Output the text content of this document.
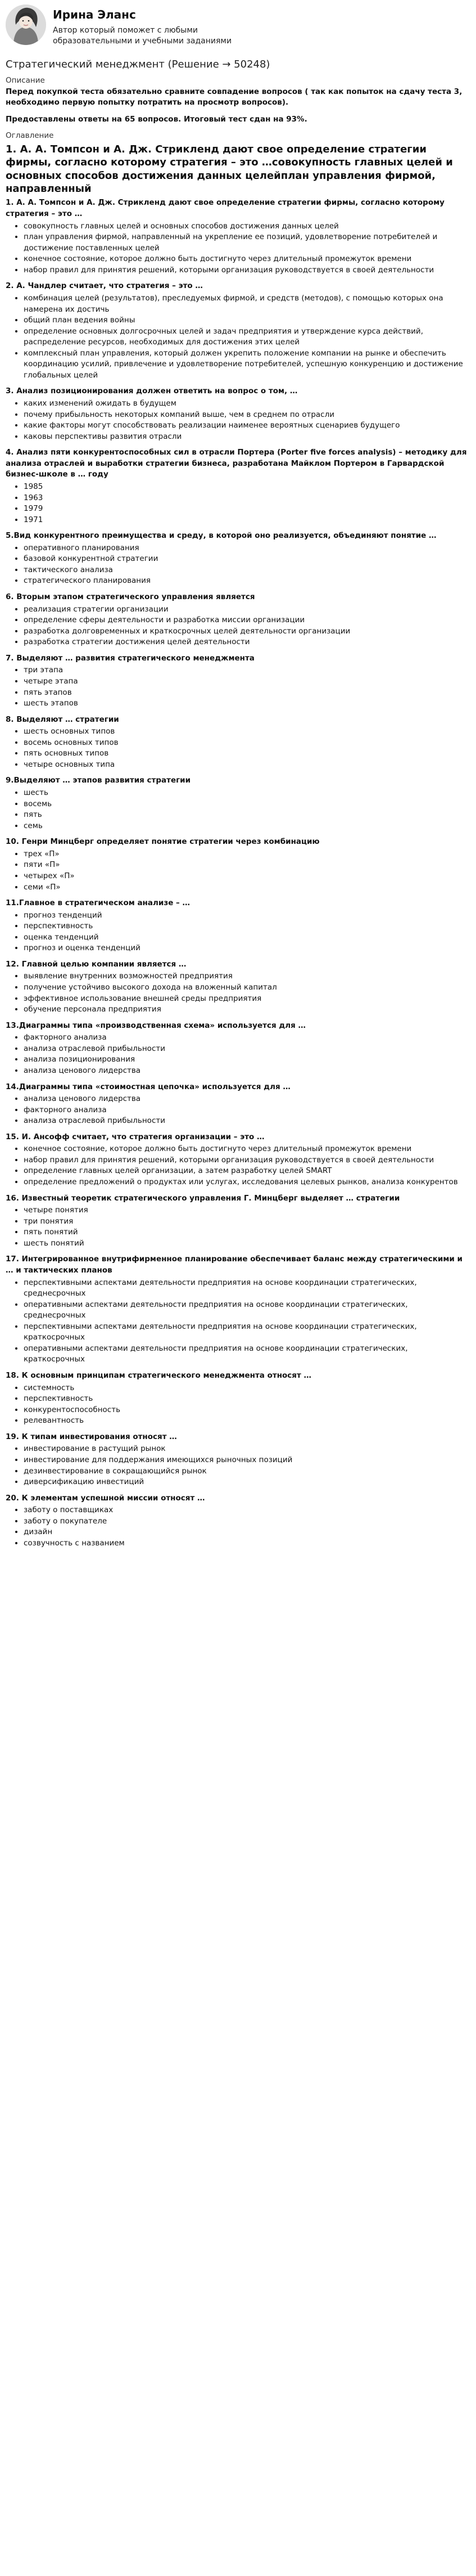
Ирина Эланс
Автор который поможет с любыми образовательными и учебными заданиями
Стратегический менеджмент (Решение → 50248)
Описание

Перед покупкой теста обязательно сравните совпадение вопросов ( так как попыток на сдачу теста 3, необходимо первую попытку потратить на просмотр вопросов).

Предоставлены ответы на 65 вопросов. Итоговый тест сдан на 93%.

Оглавление
1. А. А. Томпсон и А. Дж. Стрикленд дают свое определение стратегии фирмы, согласно которому стратегия – это …совокупность главных целей и основных способов достижения данных целейплан управления фирмой, направленный
1. А. А. Томпсон и А. Дж. Стрикленд дают свое определение стратегии фирмы, согласно которому стратегия – это …
• совокупность главных целей и основных способов достижения данных целей
• план управления фирмой, направленный на укрепление ее позиций, удовлетворение потребителей и достижение поставленных целей
• конечное состояние, которое должно быть достигнуто через длительный промежуток времени
• набор правил для принятия решений, которыми организация руководствуется в своей деятельности
2. А. Чандлер считает, что стратегия – это …
• комбинация целей (результатов), преследуемых фирмой, и средств (методов), с помощью которых она намерена их достичь
• общий план ведения войны
• определение основных долгосрочных целей и задач предприятия и утверждение курса действий, распределение ресурсов, необходимых для достижения этих целей
• комплексный план управления, который должен укрепить положение компании на рынке и обеспечить координацию усилий, привлечение и удовлетворение потребителей, успешную конкуренцию и достижение глобальных целей
3. Анализ позиционирования должен ответить на вопрос о том, …
• каких изменений ожидать в будущем
• почему прибыльность некоторых компаний выше, чем в среднем по отрасли
• какие факторы могут способствовать реализации наименее вероятных сценариев будущего
• каковы перспективы развития отрасли
4. Анализ пяти конкурентоспособных сил в отрасли Портера (Porter five forces analysis) – методику для анализа отраслей и выработки стратегии бизнеса, разработана Майклом Портером в Гарвардской бизнес-школе в … году
• 1985
• 1963
• 1979
• 1971
5.Вид конкурентного преимущества и среду, в которой оно реализуется, объединяют понятие …
• оперативного планирования
• базовой конкурентной стратегии
• тактического анализа
• стратегического планирования
6. Вторым этапом стратегического управления является
• реализация стратегии организации
• определение сферы деятельности и разработка миссии организации
• разработка долговременных и краткосрочных целей деятельности организации
• разработка стратегии достижения целей деятельности
7. Выделяют … развития стратегического менеджмента
• три этапа
• четыре этапа
• пять этапов
• шесть этапов
8. Выделяют … стратегии
• шесть основных типов
• восемь основных типов
• пять основных типов
• четыре основных типа
9.Выделяют … этапов развития стратегии
• шесть
• восемь
• пять
• семь
10. Генри Минцберг определяет понятие стратегии через комбинацию
• трех «П»
• пяти «П»
• четырех «П»
• семи «П»
11.Главное в стратегическом анализе – …
• прогноз тенденций
• перспективность
• оценка тенденций
• прогноз и оценка тенденций
12. Главной целью компании является …
• выявление внутренних возможностей предприятия
• получение устойчиво высокого дохода на вложенный капитал
• эффективное использование внешней среды предприятия
• обучение персонала предприятия
13.Диаграммы типа «производственная схема» используется для …
• факторного анализа
• анализа отраслевой прибыльности
• анализа позиционирования
• анализа ценового лидерства
14.Диаграммы типа «стоимостная цепочка» используется для …
• анализа ценового лидерства
• факторного анализа
• анализа отраслевой прибыльности
15. И. Ансофф считает, что стратегия организации – это …
• конечное состояние, которое должно быть достигнуто через длительный промежуток времени
• набор правил для принятия решений, которыми организация руководствуется в своей деятельности
• определение главных целей организации, а затем разработку целей SMART
• определение предложений о продуктах или услугах, исследования целевых рынков, анализа конкурентов
16. Известный теоретик стратегического управления Г. Минцберг выделяет … стратегии
• четыре понятия
• три понятия
• пять понятий
• шесть понятий
17. Интегрированное внутрифирменное планирование обеспечивает баланс между стратегическими и … и тактических планов
• перспективными аспектами деятельности предприятия на основе координации стратегических, среднесрочных
• оперативными аспектами деятельности предприятия на основе координации стратегических, среднесрочных
• перспективными аспектами деятельности предприятия на основе координации стратегических, краткосрочных
• оперативными аспектами деятельности предприятия на основе координации стратегических, краткосрочных
18. К основным принципам стратегического менеджмента относят …
• системность
• перспективность
• конкурентоспособность
• релевантность
19. К типам инвестирования относят …
• инвестирование в растущий рынок
• инвестирование для поддержания имеющихся рыночных позиций
• дезинвестирование в сокращающийся рынок
• диверсификацию инвестиций
20. К элементам успешной миссии относят …
• заботу о поставщиках
• заботу о покупателе
• дизайн
• созвучность с названием
